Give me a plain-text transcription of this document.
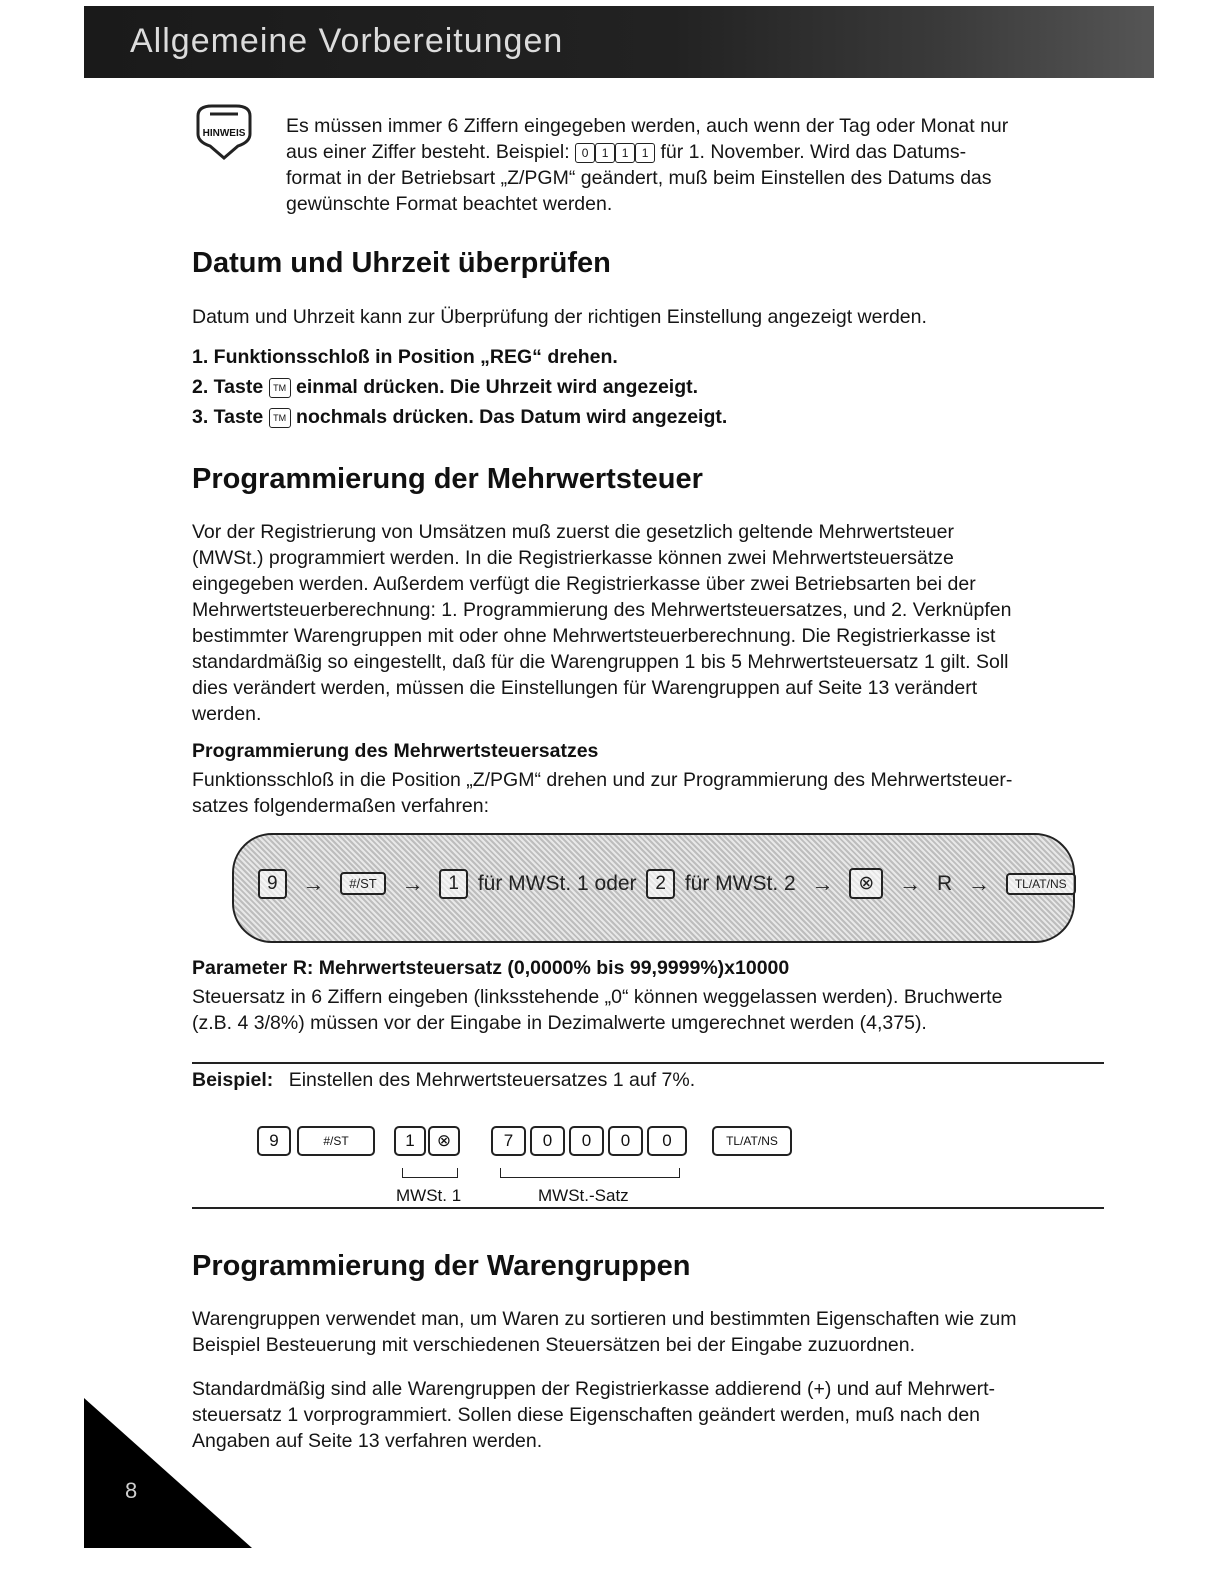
Allgemeine Vorbereitungen
HINWEIS Es müssen immer 6 Ziffern eingegeben werden, auch wenn der Tag oder Monat nur
aus einer Ziffer besteht. Beispiel: 0 1 1 1 für 1. November. Wird das Datums-
format in der Betriebsart „Z/PGM“ geändert, muß beim Einstellen des Datums das
gewünschte Format beachtet werden.
Datum und Uhrzeit überprüfen
Datum und Uhrzeit kann zur Überprüfung der richtigen Einstellung angezeigt werden.
1. Funktionsschloß in Position „REG“ drehen.
2. Taste TM einmal drücken. Die Uhrzeit wird angezeigt.
3. Taste TM nochmals drücken. Das Datum wird angezeigt.
Programmierung der Mehrwertsteuer
Vor der Registrierung von Umsätzen muß zuerst die gesetzlich geltende Mehrwertsteuer
(MWSt.) programmiert werden. In die Registrierkasse können zwei Mehrwertsteuersätze
eingegeben werden. Außerdem verfügt die Registrierkasse über zwei Betriebsarten bei der
Mehrwertsteuerberechnung: 1. Programmierung des Mehrwertsteuersatzes, und 2. Verknüpfen
bestimmter Warengruppen mit oder ohne Mehrwertsteuerberechnung. Die Registrierkasse ist
standardmäßig so eingestellt, daß für die Warengruppen 1 bis 5 Mehrwertsteuersatz 1 gilt. Soll
dies verändert werden, müssen die Einstellungen für Warengruppen auf Seite 13 verändert
werden.
Programmierung des Mehrwertsteuersatzes
Funktionsschloß in die Position „Z/PGM“ drehen und zur Programmierung des Mehrwertsteuer-
satzes folgendermaßen verfahren:
9 → #/ST → 1 für MWSt. 1 oder 2 für MWSt. 2 → ⊗ → R → TL/AT/NS
Parameter R: Mehrwertsteuersatz (0,0000% bis 99,9999%)x10000
Steuersatz in 6 Ziffern eingeben (linksstehende „0“ können weggelassen werden). Bruchwerte
(z.B. 4 3/8%) müssen vor der Eingabe in Dezimalwerte umgerechnet werden (4,375).
Beispiel: Einstellen des Mehrwertsteuersatzes 1 auf 7%.
9	#/ST	1	⊗	7	0	0	0	0	TL/AT/NS
MWSt. 1	MWSt.-Satz
Programmierung der Warengruppen
Warengruppen verwendet man, um Waren zu sortieren und bestimmten Eigenschaften wie zum
Beispiel Besteuerung mit verschiedenen Steuersätzen bei der Eingabe zuzuordnen.
Standardmäßig sind alle Warengruppen der Registrierkasse addierend (+) und auf Mehrwert-
steuersatz 1 vorprogrammiert. Sollen diese Eigenschaften geändert werden, muß nach den
Angaben auf Seite 13 verfahren werden.
8
